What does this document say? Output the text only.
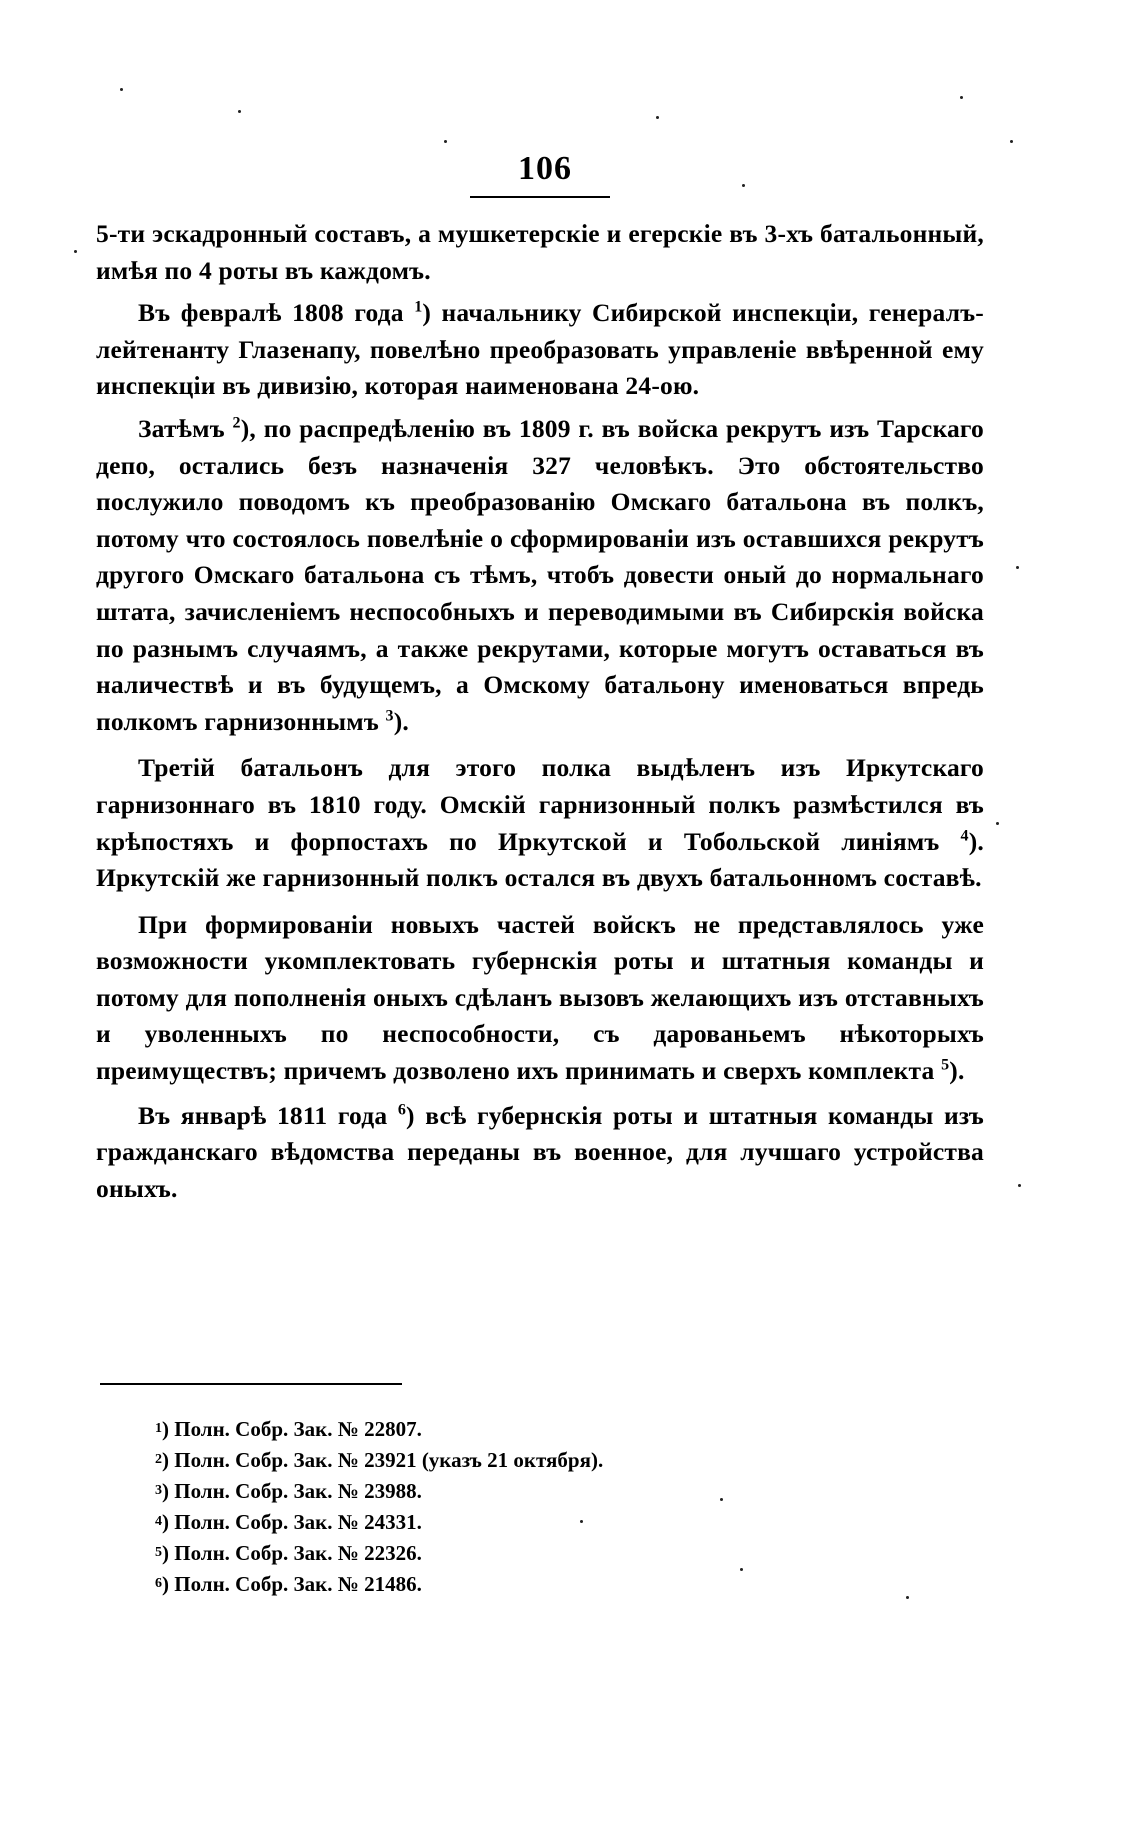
106

5-ти эскадронный составъ, а мушкетерскіе и егерскіе въ 3-хъ батальонный, имѣя по 4 роты въ каждомъ.

Въ февралѣ 1808 года $^1$) начальнику Сибирской инспекціи, генералъ-лейтенанту Глазенапу, повелѣно преобразовать управленіе ввѣренной ему инспекціи въ дивизію, которая наименована 24-ою.

Затѣмъ $^2$), по распредѣленію въ 1809 г. въ войска рекрутъ изъ Тарскаго депо, остались безъ назначенія 327 человѣкъ. Это обстоятельство послужило поводомъ къ преобразованію Омскаго батальона въ полкъ, потому что состоялось повелѣніе о сформированіи изъ оставшихся рекрутъ другого Омскаго батальона съ тѣмъ, чтобъ довести оный до нормальнаго штата, зачисленіемъ неспособныхъ и переводимыми въ Сибирскія войска по разнымъ случаямъ, а также рекрутами, которые могутъ оставаться въ наличествѣ и въ будущемъ, а Омскому батальону именоваться впредь полкомъ гарнизоннымъ $^3$).

Третій батальонъ для этого полка выдѣленъ изъ Иркутскаго гарнизоннаго въ 1810 году. Омскій гарнизонный полкъ размѣстился въ крѣпостяхъ и форпостахъ по Иркутской и Тобольской линіямъ $^4$). Иркутскій же гарнизонный полкъ остался въ двухъ батальонномъ составѣ.

При формированіи новыхъ частей войскъ не представлялось уже возможности укомплектовать губернскія роты и штатныя команды и потому для пополненія оныхъ сдѣланъ вызовъ желающихъ изъ отставныхъ и уволенныхъ по неспособности, съ дарованьемъ нѣкоторыхъ преимуществъ; причемъ дозволено ихъ принимать и сверхъ комплекта $^5$).

Въ январѣ 1811 года $^6$) всѣ губернскія роты и штатныя команды изъ гражданскаго вѣдомства переданы въ военное, для лучшаго устройства оныхъ.

$^1$) Полн. Собр. Зак. № 22807.
$^2$) Полн. Собр. Зак. № 23921 (указъ 21 октября).
$^3$) Полн. Собр. Зак. № 23988.
$^4$) Полн. Собр. Зак. № 24331.
$^5$) Полн. Собр. Зак. № 22326.
$^6$) Полн. Собр. Зак. № 21486.
